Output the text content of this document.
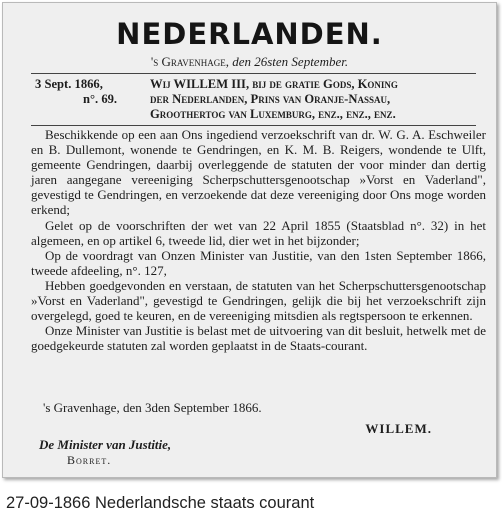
NEDERLANDEN.
's Gravenhage, den 26sten September.
3 Sept. 1866,
n°. 69.
Wij WILLEM III, bij de gratie Gods, Koning
der Nederlanden, Prins van Oranje-Nassau,
Groothertog van Luxemburg, enz., enz., enz.

Beschikkende op een aan Ons ingediend verzoekschrift van dr. W. G. A. Eschweiler en B. Dullemont, wonende te Gendringen, en K. M. B. Reigers, wondende te Ulft, gemeente Gendringen, daarbij overleggende de statuten der voor minder dan dertig jaren aangegane vereeniging Scherpschuttersgenootschap »Vorst en Vaderland", gevestigd te Gendringen, en verzoekende dat deze vereeniging door Ons moge worden erkend;

Gelet op de voorschriften der wet van 22 April 1855 (Staatsblad n°. 32) in het algemeen, en op artikel 6, tweede lid, dier wet in het bijzonder;

Op de voordragt van Onzen Minister van Justitie, van den 1sten September 1866, tweede afdeeling, n°. 127,

Hebben goedgevonden en verstaan, de statuten van het Scherpschuttersgenootschap »Vorst en Vaderland", gevestigd te Gendringen, gelijk die bij het verzoekschrift zijn overgelegd, goed te keuren, en de vereeniging mitsdien als regtspersoon te erkennen.

Onze Minister van Justitie is belast met de uitvoering van dit besluit, hetwelk met de goedgekeurde statuten zal worden geplaatst in de Staats-courant.

's Gravenhage, den 3den September 1866.
WILLEM.
De Minister van Justitie,
Borret.
27-09-1866 Nederlandsche staats courant
